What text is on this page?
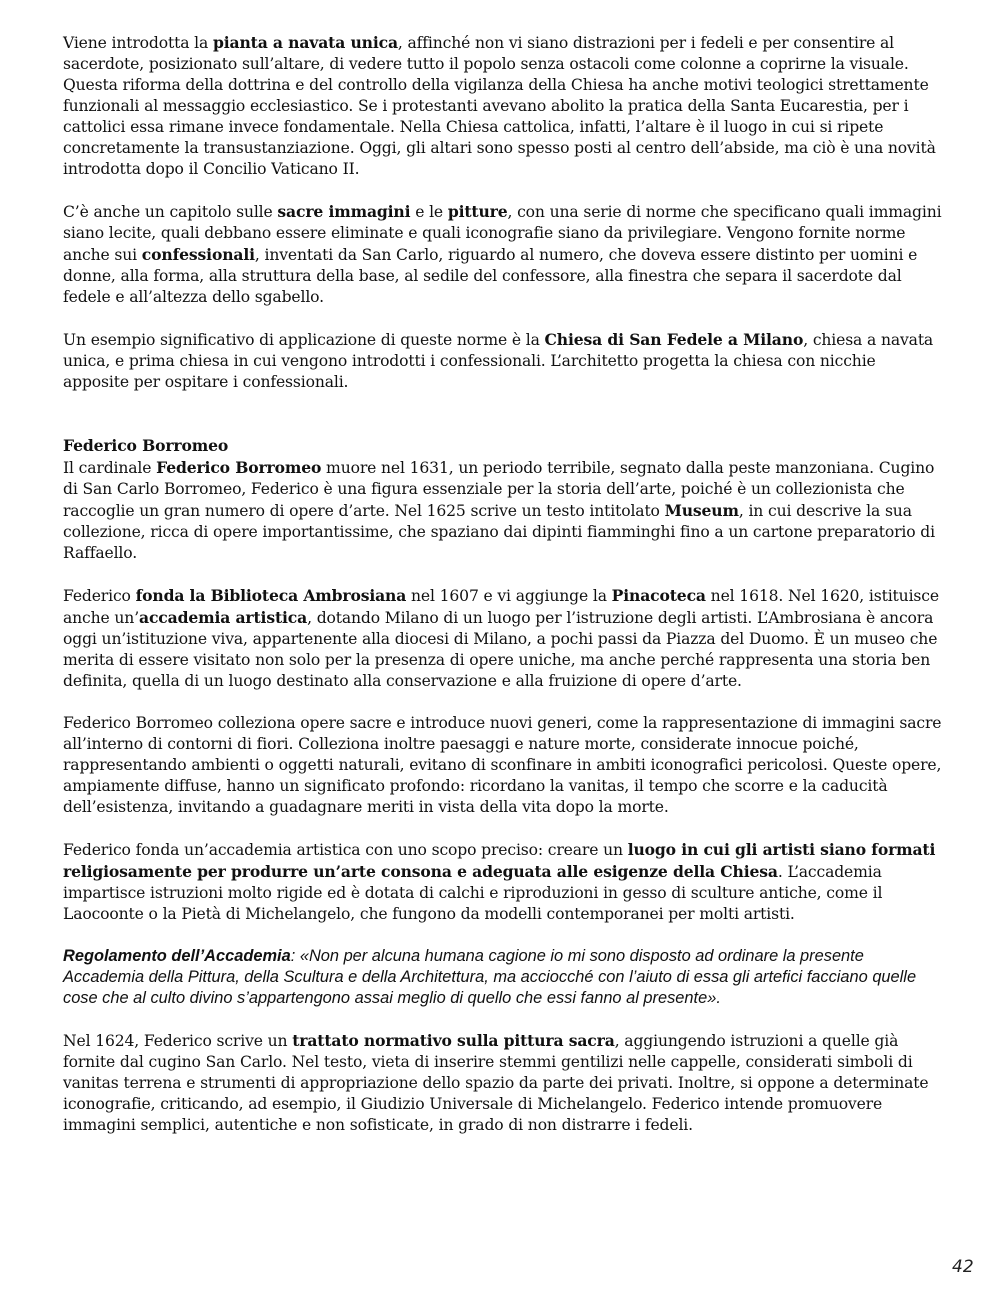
Viene introdotta la pianta a navata unica, affinché non vi siano distrazioni per i fedeli e per consentire al sacerdote, posizionato sull’altare, di vedere tutto il popolo senza ostacoli come colonne a coprirne la visuale. Questa riforma della dottrina e del controllo della vigilanza della Chiesa ha anche motivi teologici strettamente funzionali al messaggio ecclesiastico. Se i protestanti avevano abolito la pratica della Santa Eucarestia, per i cattolici essa rimane invece fondamentale. Nella Chiesa cattolica, infatti, l’altare è il luogo in cui si ripete concretamente la transustanziazione. Oggi, gli altari sono spesso posti al centro dell’abside, ma ciò è una novità introdotta dopo il Concilio Vaticano II.

C’è anche un capitolo sulle sacre immagini e le pitture, con una serie di norme che specificano quali immagini siano lecite, quali debbano essere eliminate e quali iconografie siano da privilegiare. Vengono fornite norme anche sui confessionali, inventati da San Carlo, riguardo al numero, che doveva essere distinto per uomini e donne, alla forma, alla struttura della base, al sedile del confessore, alla finestra che separa il sacerdote dal fedele e all’altezza dello sgabello.

Un esempio significativo di applicazione di queste norme è la Chiesa di San Fedele a Milano, chiesa a navata unica, e prima chiesa in cui vengono introdotti i confessionali. L’architetto progetta la chiesa con nicchie apposite per ospitare i confessionali.

Federico Borromeo

Il cardinale Federico Borromeo muore nel 1631, un periodo terribile, segnato dalla peste manzoniana. Cugino di San Carlo Borromeo, Federico è una figura essenziale per la storia dell’arte, poiché è un collezionista che raccoglie un gran numero di opere d’arte. Nel 1625 scrive un testo intitolato Museum, in cui descrive la sua collezione, ricca di opere importantissime, che spaziano dai dipinti fiamminghi fino a un cartone preparatorio di Raffaello.

Federico fonda la Biblioteca Ambrosiana nel 1607 e vi aggiunge la Pinacoteca nel 1618. Nel 1620, istituisce anche un’accademia artistica, dotando Milano di un luogo per l’istruzione degli artisti. L’Ambrosiana è ancora oggi un’istituzione viva, appartenente alla diocesi di Milano, a pochi passi da Piazza del Duomo. È un museo che merita di essere visitato non solo per la presenza di opere uniche, ma anche perché rappresenta una storia ben definita, quella di un luogo destinato alla conservazione e alla fruizione di opere d’arte.

Federico Borromeo colleziona opere sacre e introduce nuovi generi, come la rappresentazione di immagini sacre all’interno di contorni di fiori. Colleziona inoltre paesaggi e nature morte, considerate innocue poiché, rappresentando ambienti o oggetti naturali, evitano di sconfinare in ambiti iconografici pericolosi. Queste opere, ampiamente diffuse, hanno un significato profondo: ricordano la vanitas, il tempo che scorre e la caducità dell’esistenza, invitando a guadagnare meriti in vista della vita dopo la morte.

Federico fonda un’accademia artistica con uno scopo preciso: creare un luogo in cui gli artisti siano formati religiosamente per produrre un’arte consona e adeguata alle esigenze della Chiesa. L’accademia impartisce istruzioni molto rigide ed è dotata di calchi e riproduzioni in gesso di sculture antiche, come il Laocoonte o la Pietà di Michelangelo, che fungono da modelli contemporanei per molti artisti.

Regolamento dell’Accademia: «Non per alcuna humana cagione io mi sono disposto ad ordinare la presente Accademia della Pittura, della Scultura e della Architettura, ma acciocché con l’aiuto di essa gli artefici facciano quelle cose che al culto divino s’appartengono assai meglio di quello che essi fanno al presente».

Nel 1624, Federico scrive un trattato normativo sulla pittura sacra, aggiungendo istruzioni a quelle già fornite dal cugino San Carlo. Nel testo, vieta di inserire stemmi gentilizi nelle cappelle, considerati simboli di vanitas terrena e strumenti di appropriazione dello spazio da parte dei privati. Inoltre, si oppone a determinate iconografie, criticando, ad esempio, il Giudizio Universale di Michelangelo. Federico intende promuovere immagini semplici, autentiche e non sofisticate, in grado di non distrarre i fedeli.

42
